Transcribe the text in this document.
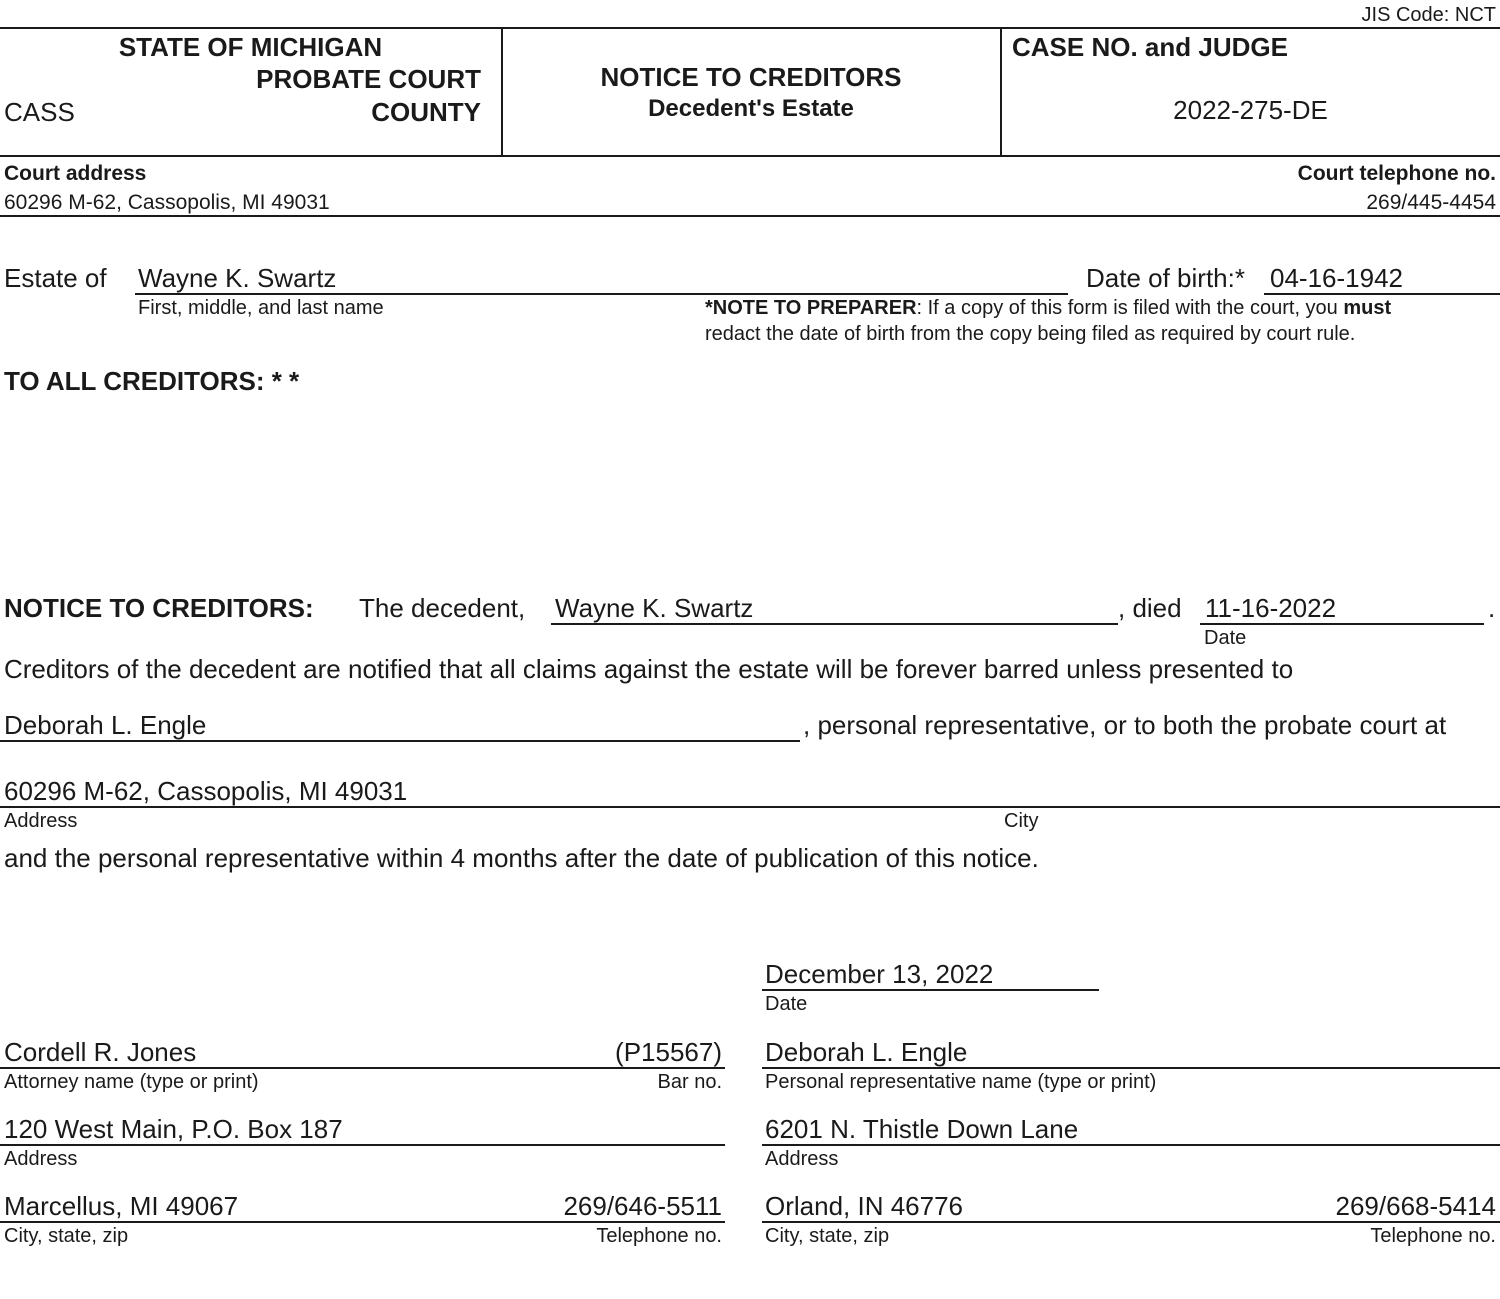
JIS Code: NCT
STATE OF MICHIGAN
PROBATE COURT
CASS	COUNTY
NOTICE TO CREDITORS
Decedent's Estate
CASE NO. and JUDGE
2022-275-DE
Court address
60296 M-62, Cassopolis, MI 49031
Court telephone no.
269/445-4454
Estate of Wayne K. Swartz
First, middle, and last name
Date of birth:* 04-16-1942
*NOTE TO PREPARER: If a copy of this form is filed with the court, you must
redact the date of birth from the copy being filed as required by court rule.
TO ALL CREDITORS: * *
NOTICE TO CREDITORS: The decedent, Wayne K. Swartz	, died 11-16-2022	.
Date
Creditors of the decedent are notified that all claims against the estate will be forever barred unless presented to
Deborah L. Engle	, personal representative, or to both the probate court at
60296 M-62, Cassopolis, MI 49031
Address	City
and the personal representative within 4 months after the date of publication of this notice.
December 13, 2022
Date
Cordell R. Jones	(P15567)
Attorney name (type or print)	Bar no.
120 West Main, P.O. Box 187
Address
Marcellus, MI 49067	269/646-5511
City, state, zip	Telephone no.
Deborah L. Engle
Personal representative name (type or print)
6201 N. Thistle Down Lane
Address
Orland, IN 46776	269/668-5414
City, state, zip	Telephone no.
